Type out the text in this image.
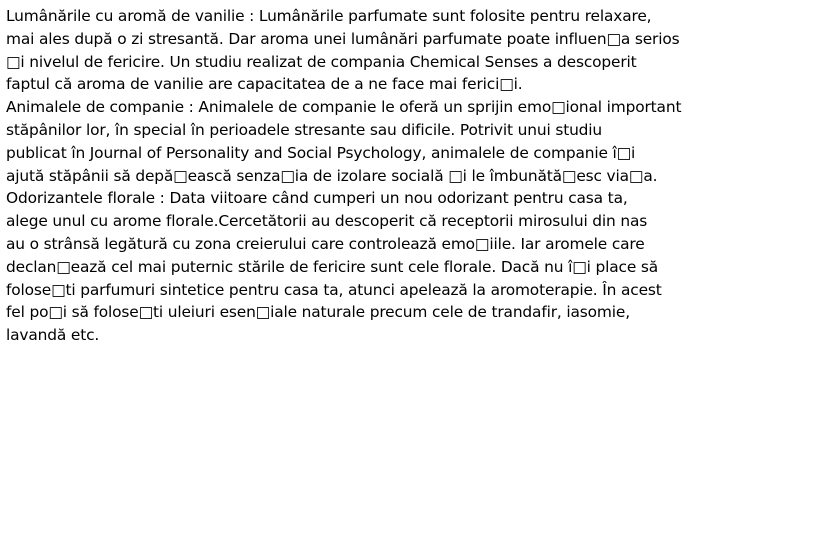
Lumânările cu aromă de vanilie : Lumânările parfumate sunt folosite pentru relaxare,
mai ales după o zi stresantă. Dar aroma unei lumânări parfumate poate influen□a serios
□i nivelul de fericire. Un studiu realizat de compania Chemical Senses a descoperit
faptul că aroma de vanilie are capacitatea de a ne face mai ferici□i.
Animalele de companie : Animalele de companie le oferă un sprijin emo□ional important
stăpânilor lor, în special în perioadele stresante sau dificile. Potrivit unui studiu
publicat în Journal of Personality and Social Psychology, animalele de companie î□i
ajută stăpânii să depă□ească senza□ia de izolare socială □i le îmbunătă□esc via□a.
Odorizantele florale : Data viitoare când cumperi un nou odorizant pentru casa ta,
alege unul cu arome florale.Cercetătorii au descoperit că receptorii mirosului din nas
au o strânsă legătură cu zona creierului care controlează emo□iile. Iar aromele care
declan□ează cel mai puternic stările de fericire sunt cele florale. Dacă nu î□i place să
folose□ti parfumuri sintetice pentru casa ta, atunci apelează la aromoterapie. În acest
fel po□i să folose□ti uleiuri esen□iale naturale precum cele de trandafir, iasomie,
lavandă etc.
